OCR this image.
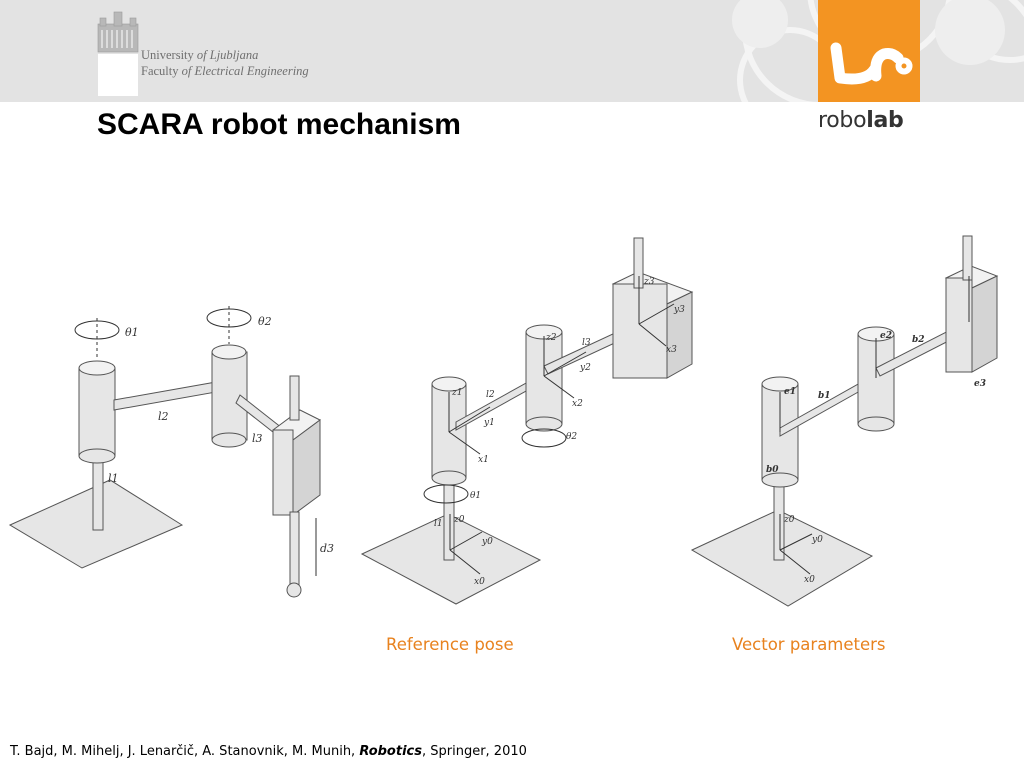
University of Ljubljana
Faculty of Electrical Engineering
robolab
SCARA robot mechanism
θ1
θ2
l2
l3
l1
d3
z1
z2
z3
y3
x3
l3
y2
x2
l2
y1
x1
θ2
θ1
l1 z0
y0
x0
e1
e2
e3
b1
b2
b0
z0
y0
x0
Reference pose	Vector parameters
T. Bajd, M. Mihelj, J. Lenarčič, A. Stanovnik, M. Munih, Robotics, Springer, 2010
